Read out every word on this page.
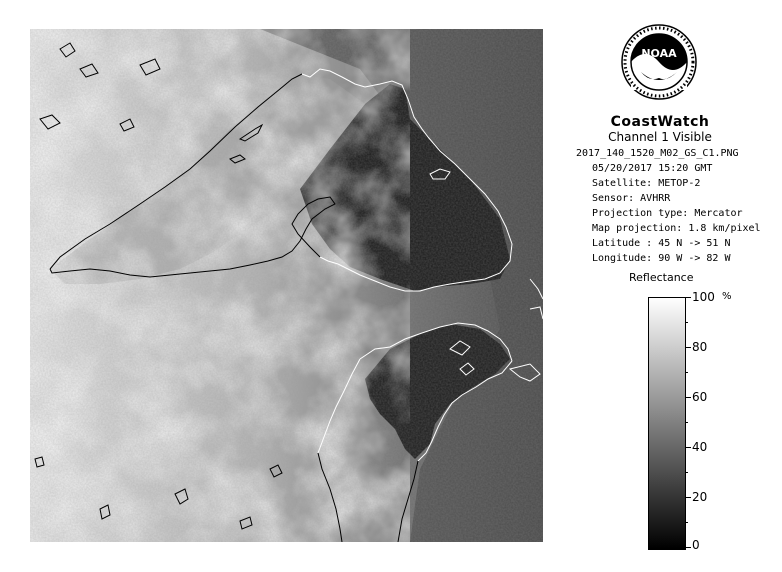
NOAA
CoastWatch
Channel 1 Visible
2017_140_1520_M02_GS_C1.PNG
05/20/2017 15:20 GMT
Satellite: METOP-2
Sensor: AVHRR
Projection type: Mercator
Map projection: 1.8 km/pixel
Latitude : 45 N -> 51 N
Longitude: 90 W -> 82 W
Reflectance
%
100
80
60
40
20
0
